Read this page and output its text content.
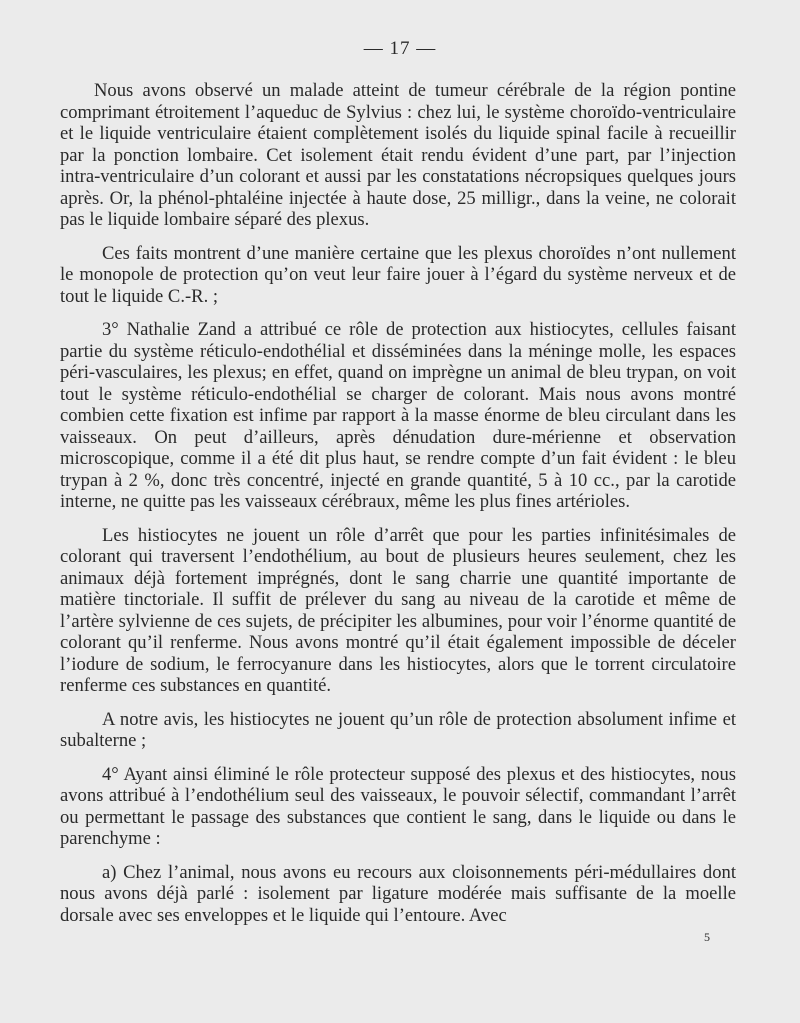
— 17 —

Nous avons observé un malade atteint de tumeur cérébrale de la région pontine comprimant étroitement l’aqueduc de Sylvius : chez lui, le système choroïdo-ventriculaire et le liquide ventriculaire étaient complètement isolés du liquide spinal facile à recueillir par la ponction lombaire. Cet isolement était rendu évident d’une part, par l’injection intra-ventriculaire d’un colorant et aussi par les constatations nécropsiques quelques jours après. Or, la phénol-phtaléine injectée à haute dose, 25 milligr., dans la veine, ne colorait pas le liquide lombaire séparé des plexus.

Ces faits montrent d’une manière certaine que les plexus choroïdes n’ont nullement le monopole de protection qu’on veut leur faire jouer à l’égard du système nerveux et de tout le liquide C.-R. ;

3° Nathalie Zand a attribué ce rôle de protection aux histiocytes, cellules faisant partie du système réticulo-endothélial et disséminées dans la méninge molle, les espaces péri-vasculaires, les plexus; en effet, quand on imprègne un animal de bleu trypan, on voit tout le système réticulo-endothélial se charger de colorant. Mais nous avons montré combien cette fixation est infime par rapport à la masse énorme de bleu circulant dans les vaisseaux. On peut d’ailleurs, après dénudation dure-mérienne et observation microscopique, comme il a été dit plus haut, se rendre compte d’un fait évident : le bleu trypan à 2 %, donc très concentré, injecté en grande quantité, 5 à 10 cc., par la carotide interne, ne quitte pas les vaisseaux cérébraux, même les plus fines artérioles.

Les histiocytes ne jouent un rôle d’arrêt que pour les parties infinitésimales de colorant qui traversent l’endothélium, au bout de plusieurs heures seulement, chez les animaux déjà fortement imprégnés, dont le sang charrie une quantité importante de matière tinctoriale. Il suffit de prélever du sang au niveau de la carotide et même de l’artère sylvienne de ces sujets, de précipiter les albumines, pour voir l’énorme quantité de colorant qu’il renferme. Nous avons montré qu’il était également impossible de déceler l’iodure de sodium, le ferrocyanure dans les histiocytes, alors que le torrent circulatoire renferme ces substances en quantité.

A notre avis, les histiocytes ne jouent qu’un rôle de protection absolument infime et subalterne ;

4° Ayant ainsi éliminé le rôle protecteur supposé des plexus et des histiocytes, nous avons attribué à l’endothélium seul des vaisseaux, le pouvoir sélectif, commandant l’arrêt ou permettant le passage des substances que contient le sang, dans le liquide ou dans le parenchyme :

a) Chez l’animal, nous avons eu recours aux cloisonnements péri-médullaires dont nous avons déjà parlé : isolement par ligature modérée mais suffisante de la moelle dorsale avec ses enveloppes et le liquide qui l’entoure. Avec

5
